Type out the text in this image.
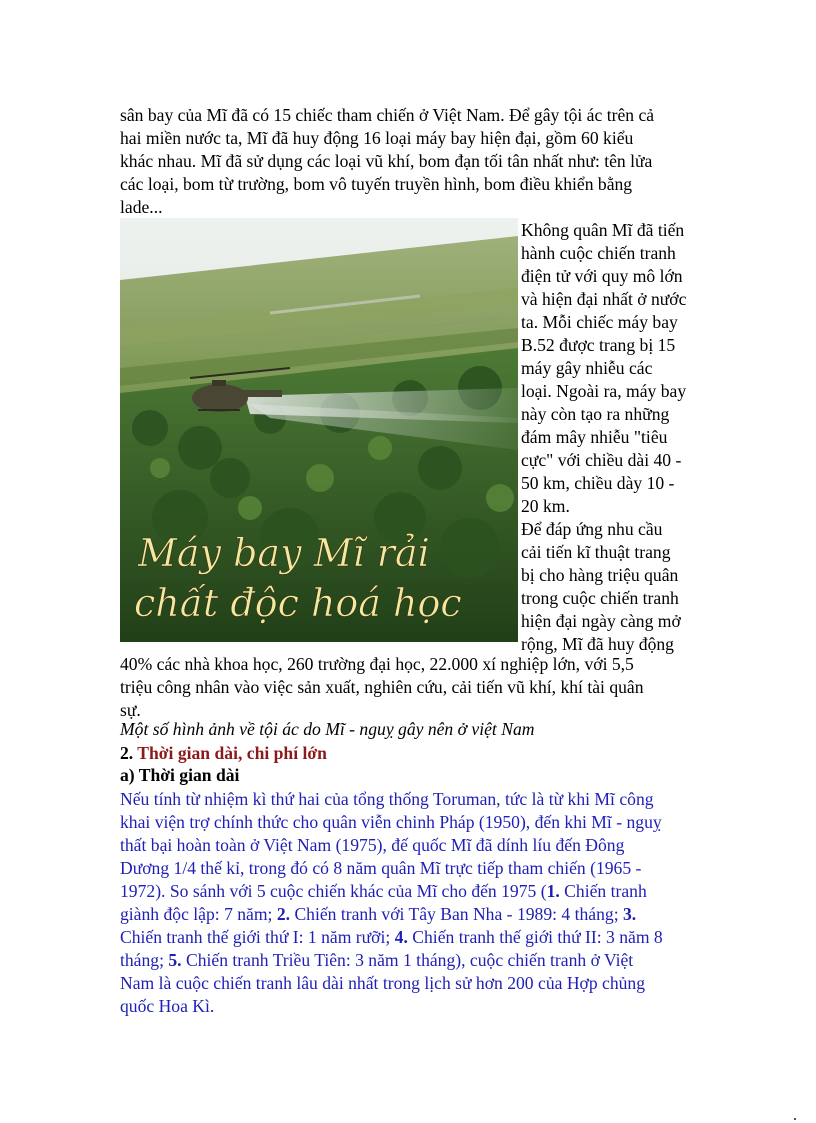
sân bay của Mĩ đã có 15 chiếc tham chiến ở Việt Nam. Để gây tội ác trên cả
hai miền nước ta, Mĩ đã huy động 16 loại máy bay hiện đại, gồm 60 kiểu
khác nhau. Mĩ đã sử dụng các loại vũ khí, bom đạn tối tân nhất như: tên lửa
các loại, bom từ trường, bom vô tuyến truyền hình, bom điều khiển bằng
lade...
Máy bay Mĩ rải
chất độc hoá học
Không quân Mĩ đã tiến
hành cuộc chiến tranh
điện tử với quy mô lớn
và hiện đại nhất ở nước
ta. Mỗi chiếc máy bay
B.52 được trang bị 15
máy gây nhiễu các
loại. Ngoài ra, máy bay
này còn tạo ra những
đám mây nhiễu "tiêu
cực" với chiều dài 40 -
50 km, chiều dày 10 -
20 km.
Để đáp ứng nhu cầu
cải tiến kĩ thuật trang
bị cho hàng triệu quân
trong cuộc chiến tranh
hiện đại ngày càng mở
rộng, Mĩ đã huy động
40% các nhà khoa học, 260 trường đại học, 22.000 xí nghiệp lớn, với 5,5
triệu công nhân vào việc sản xuất, nghiên cứu, cải tiến vũ khí, khí tài quân
sự.
Một số hình ảnh về tội ác do Mĩ - nguỵ gây nên ở việt Nam
2. Thời gian dài, chi phí lớn
a) Thời gian dài
Nếu tính từ nhiệm kì thứ hai của tổng thống Toruman, tức là từ khi Mĩ công
khai viện trợ chính thức cho quân viễn chinh Pháp (1950), đến khi Mĩ - nguỵ
thất bại hoàn toàn ở Việt Nam (1975), đế quốc Mĩ đã dính líu đến Đông
Dương 1/4 thế kỉ, trong đó có 8 năm quân Mĩ trực tiếp tham chiến (1965 -
1972). So sánh với 5 cuộc chiến khác của Mĩ cho đến 1975 (1. Chiến tranh
giành độc lập: 7 năm; 2. Chiến tranh với Tây Ban Nha - 1989: 4 tháng; 3.
Chiến tranh thế giới thứ I: 1 năm rưỡi; 4. Chiến tranh thế giới thứ II: 3 năm 8
tháng; 5. Chiến tranh Triều Tiên: 3 năm 1 tháng), cuộc chiến tranh ở Việt
Nam là cuộc chiến tranh lâu dài nhất trong lịch sử hơn 200 của Hợp chủng
quốc Hoa Kì.
